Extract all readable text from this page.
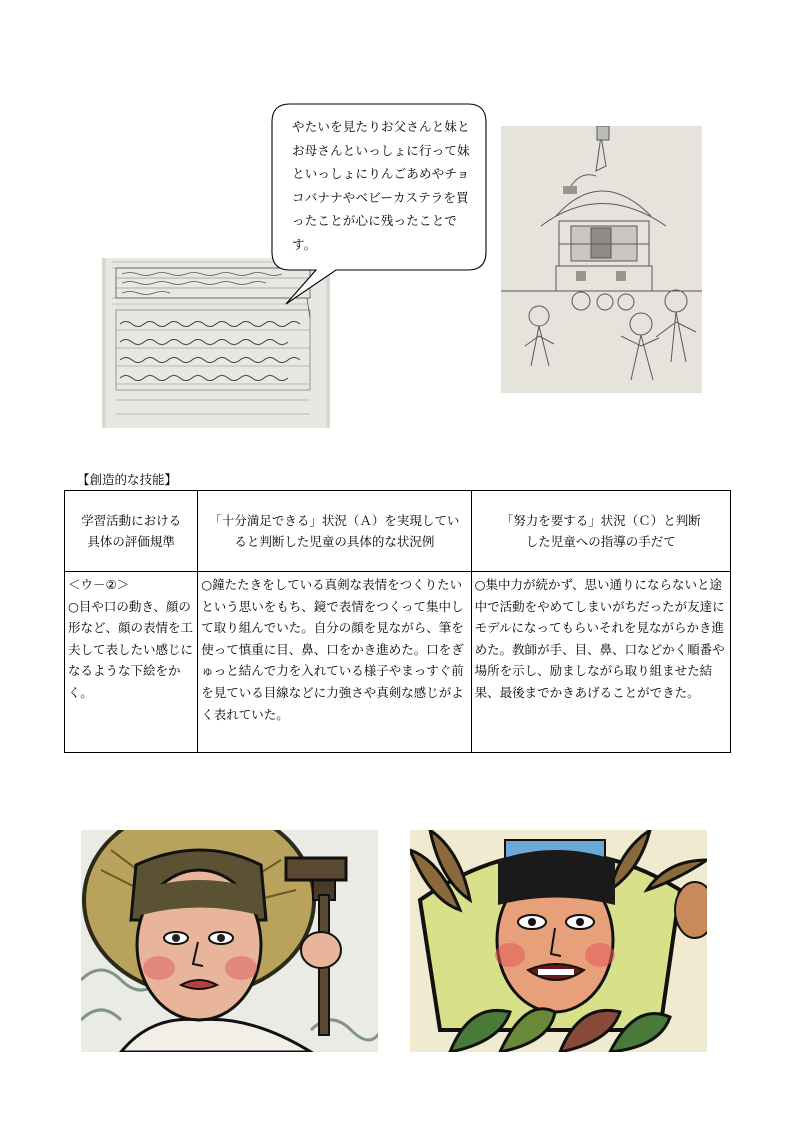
やたいを見たりお父さんと妹とお母さんといっしょに行って妹といっしょにりんごあめやチョコバナナやベビーカステラを買ったことが心に残ったことです。
【創造的な技能】
学習活動における具体の評価規準	「十分満足できる」状況（Ａ）を実現していると判断した児童の具体的な状況例	「努力を要する」状況（Ｃ）と判断した児童への指導の手だて

＜ウ－②＞
○目や口の動き、顔の形など、顔の表情を工夫して表したい感じになるような下絵をかく。	○鐘たたきをしている真剣な表情をつくりたいという思いをもち、鏡で表情をつくって集中して取り組んでいた。自分の顔を見ながら、筆を使って慎重に目、鼻、口をかき進めた。口をぎゅっと結んで力を入れている様子やまっすぐ前を見ている目線などに力強さや真剣な感じがよく表れていた。	○集中力が続かず、思い通りにならないと途中で活動をやめてしまいがちだったが友達にモデルになってもらいそれを見ながらかき進めた。教師が手、目、鼻、口などかく順番や場所を示し、励ましながら取り組ませた結果、最後までかきあげることができた。
